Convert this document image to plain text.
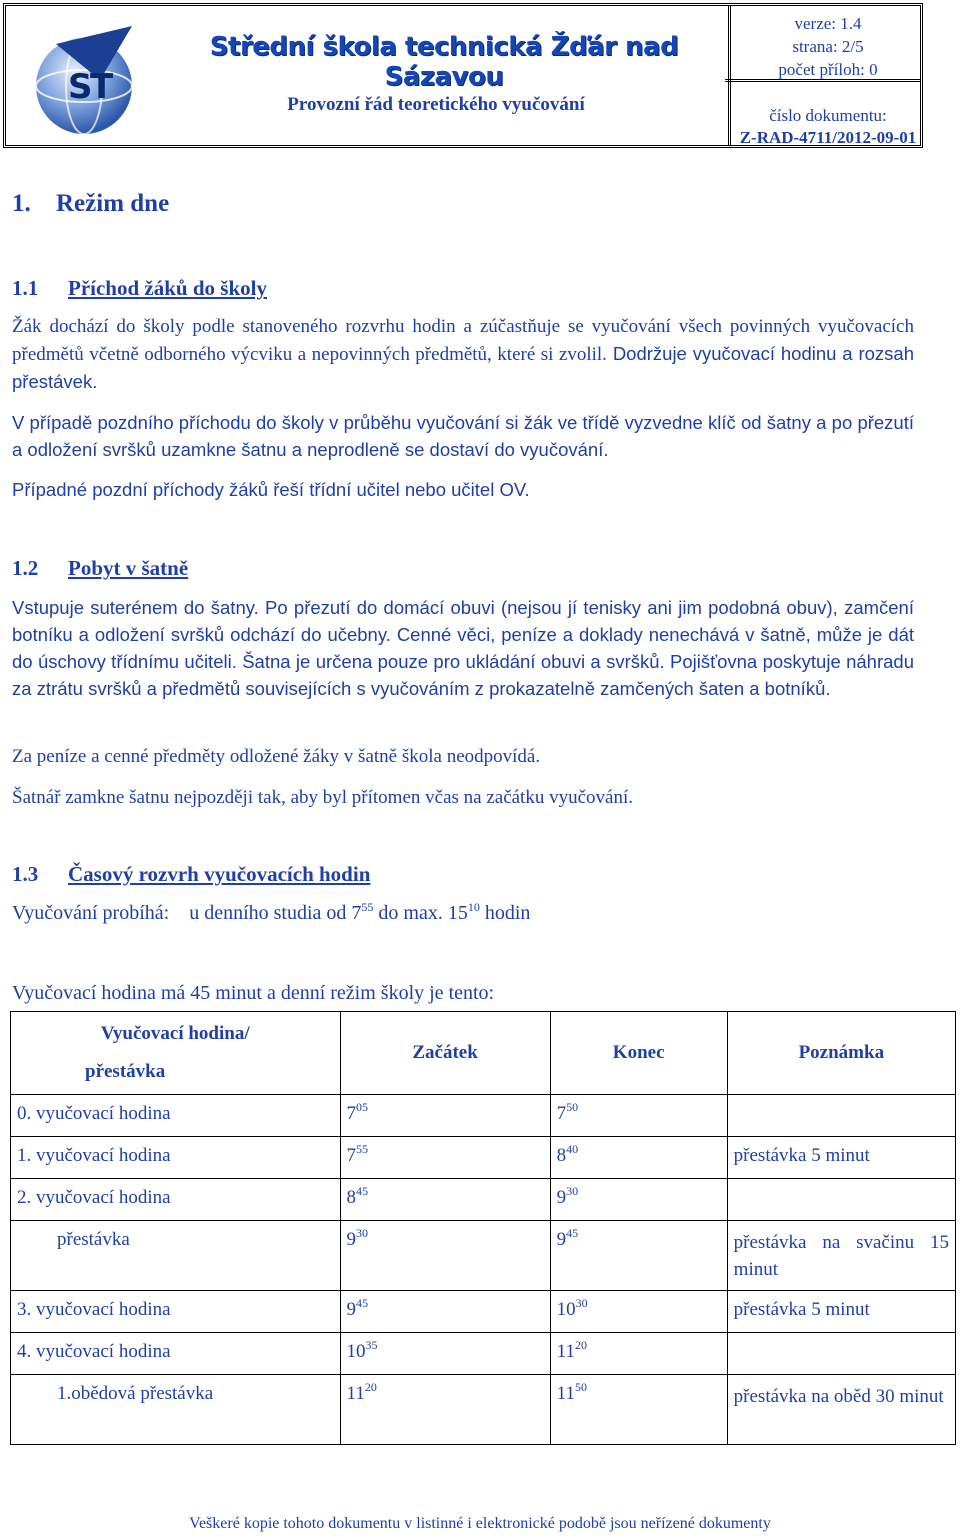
S
T
Střední škola technická Žďár nad Sázavou
Provozní řád teoretického vyučování
verze: 1.4
strana: 2/5
počet příloh: 0
číslo dokumentu:
Z-RAD-4711/2012-09-01
1. Režim dne
1.1 Příchod žáků do školy

Žák dochází do školy podle stanoveného rozvrhu hodin a zúčastňuje se vyučování všech povinných vyučovacích předmětů včetně odborného výcviku a nepovinných předmětů, které si zvolil. Dodržuje vyučovací hodinu a rozsah přestávek.

V případě pozdního příchodu do školy v průběhu vyučování si žák ve třídě vyzvedne klíč od šatny a po přezutí a odložení svršků uzamkne šatnu a neprodleně se dostaví do vyučování.

Případné pozdní příchody žáků řeší třídní učitel nebo učitel OV.

1.2 Pobyt v šatně

Vstupuje suterénem do šatny. Po přezutí do domácí obuvi (nejsou jí tenisky ani jim podobná obuv), zamčení botníku a odložení svršků odchází do učebny. Cenné věci, peníze a doklady nenechává v šatně, může je dát do úschovy třídnímu učiteli. Šatna je určena pouze pro ukládání obuvi a svršků. Pojišťovna poskytuje náhradu za ztrátu svršků a předmětů souvisejících s vyučováním z prokazatelně zamčených šaten a botníků.

Za peníze a cenné předměty odložené žáky v šatně škola neodpovídá.

Šatnář zamkne šatnu nejpozději tak, aby byl přítomen včas na začátku vyučování.

1.3 Časový rozvrh vyučovacích hodin

Vyučování probíhá: u denního studia od $7^{55}$ do max. $15^{10}$ hodin

Vyučovací hodina má 45 minut a denní režim školy je tento:

Vyučovací hodina/
přestávka	Začátek	Konec	Poznámka
0. vyučovací hodina	$7^{05}$	$7^{50}$	
1. vyučovací hodina	$7^{55}$	$8^{40}$	přestávka 5 minut
2. vyučovací hodina	$8^{45}$	$9^{30}$	
přestávka	$9^{30}$	$9^{45}$	přestávka na svačinu 15 minut
3. vyučovací hodina	$9^{45}$	$10^{30}$	přestávka 5 minut
4. vyučovací hodina	$10^{35}$	$11^{20}$	
1.obědová přestávka	$11^{20}$	$11^{50}$	přestávka na oběd 30 minut
Veškeré kopie tohoto dokumentu v listinné i elektronické podobě jsou neřízené dokumenty
